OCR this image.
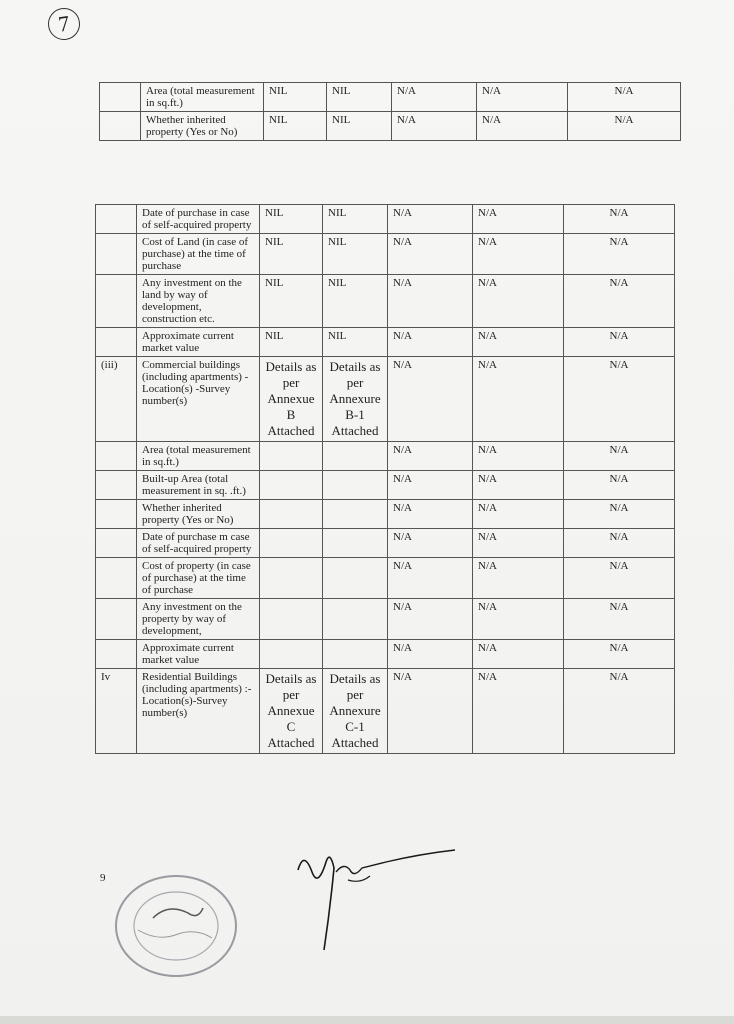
7
	Area (total measurement in sq.ft.)	NIL	NIL	N/A	N/A	N/A
	Whether inherited property (Yes or No)	NIL	NIL	N/A	N/A	N/A
	Date of purchase in case of self-acquired property	NIL	NIL	N/A	N/A	N/A
	Cost of Land (in case of purchase) at the time of purchase	NIL	NIL	N/A	N/A	N/A
	Any investment on the land by way of development, construction etc.	NIL	NIL	N/A	N/A	N/A
	Approximate current market value	NIL	NIL	N/A	N/A	N/A
(iii)	Commercial buildings (including apartments) - Location(s) -Survey number(s)	Details as per Annexue B Attached	Details as per Annexure B-1 Attached	N/A	N/A	N/A
	Area (total measurement in sq.ft.)			N/A	N/A	N/A
	Built-up Area (total measurement in sq. .ft.)			N/A	N/A	N/A
	Whether inherited property (Yes or No)			N/A	N/A	N/A
	Date of purchase m case of self-acquired property			N/A	N/A	N/A
	Cost of property (in case of purchase) at the time of purchase			N/A	N/A	N/A
	Any investment on the property by way of development,			N/A	N/A	N/A
	Approximate current market value			N/A	N/A	N/A
Iv	Residential Buildings (including apartments) :- Location(s)-Survey number(s)	Details as per Annexue C Attached	Details as per Annexure C-1 Attached	N/A	N/A	N/A
9
